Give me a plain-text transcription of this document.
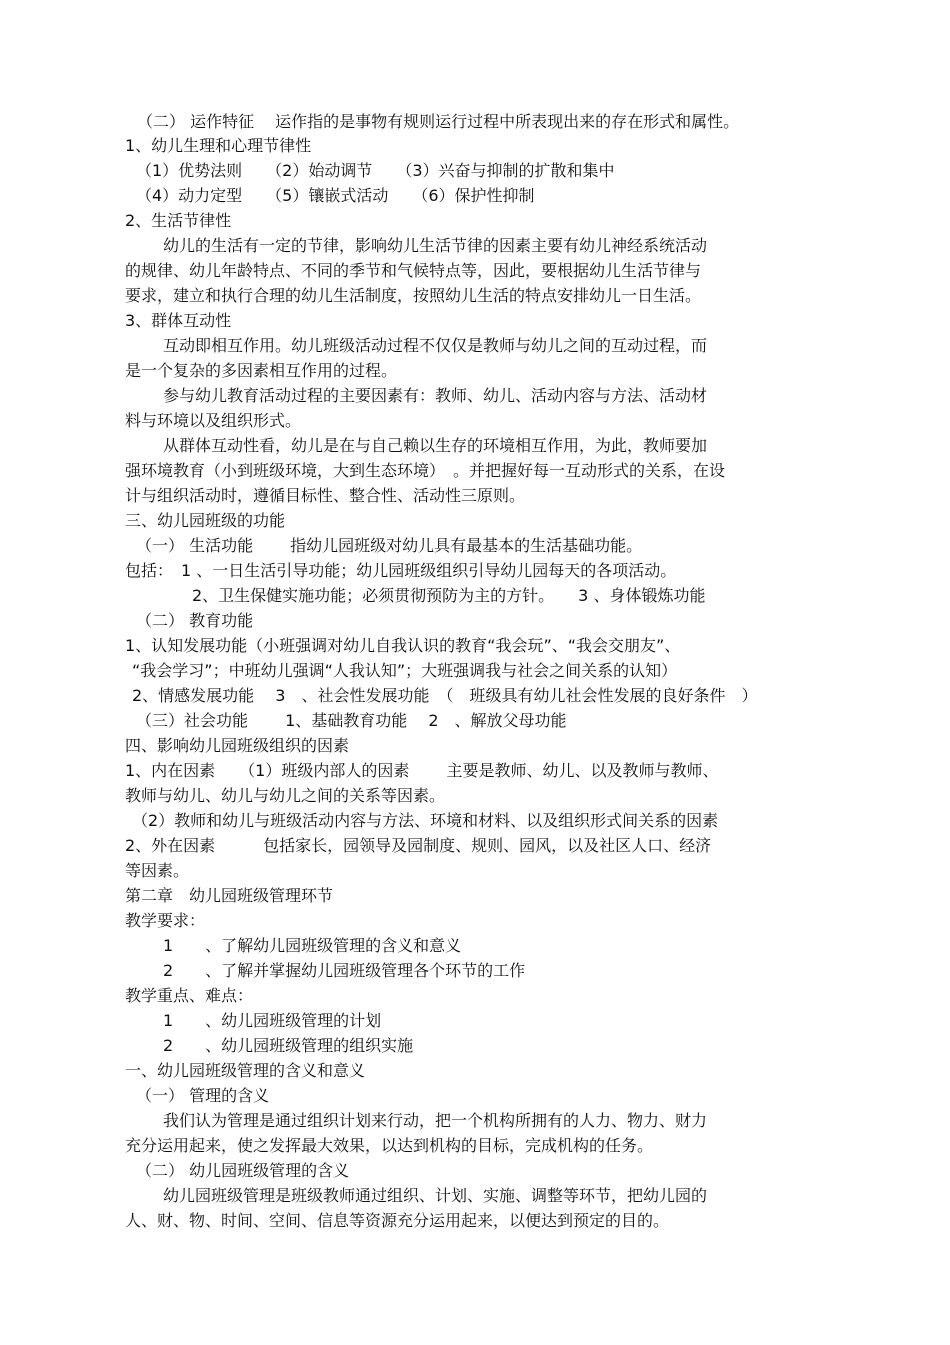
（二） 运作特征　 运作指的是事物有规则运行过程中所表现出来的存在形式和属性。
1、幼儿生理和心理节律性
（1）优势法则　　（2）始动调节　　（3）兴奋与抑制的扩散和集中
（4）动力定型　　（5）镶嵌式活动　　（6）保护性抑制
2、生活节律性
幼儿的生活有一定的节律，影响幼儿生活节律的因素主要有幼儿神经系统活动
的规律、幼儿年龄特点、不同的季节和气候特点等，因此，要根据幼儿生活节律与
要求，建立和执行合理的幼儿生活制度，按照幼儿生活的特点安排幼儿一日生活。
3、群体互动性
互动即相互作用。幼儿班级活动过程不仅仅是教师与幼儿之间的互动过程，而
是一个复杂的多因素相互作用的过程。
参与幼儿教育活动过程的主要因素有：教师、幼儿、活动内容与方法、活动材
料与环境以及组织形式。
从群体互动性看，幼儿是在与自己赖以生存的环境相互作用，为此，教师要加
强环境教育（小到班级环境，大到生态环境）　。并把握好每一互动形式的关系，在设
计与组织活动时，遵循目标性、整合性、活动性三原则。
三、幼儿园班级的功能
（一） 生活功能　　 指幼儿园班级对幼儿具有最基本的生活基础功能。
包括：　1 、一日生活引导功能；幼儿园班级组织引导幼儿园每天的各项活动。
2、卫生保健实施功能；必须贯彻预防为主的方针。　　3 、身体锻炼功能
（二） 教育功能
1、认知发展功能（小班强调对幼儿自我认识的教育“我会玩”、“我会交朋友”、
“我会学习”；中班幼儿强调“人我认知”；大班强调我与社会之间关系的认知）
2、情感发展功能　 3　、社会性发展功能　（　班级具有幼儿社会性发展的良好条件　）
（三）社会功能　　 1、基础教育功能　 2　、解放父母功能
四、影响幼儿园班级组织的因素
1、内在因素　　（1）班级内部人的因素　　 主要是教师、幼儿、以及教师与教师、
教师与幼儿、幼儿与幼儿之间的关系等因素。
（2）教师和幼儿与班级活动内容与方法、环境和材料、以及组织形式间关系的因素
2、外在因素　　　包括家长，园领导及园制度、规则、园风，以及社区人口、经济
等因素。
第二章　幼儿园班级管理环节
教学要求：
1　　、了解幼儿园班级管理的含义和意义
2　　、了解并掌握幼儿园班级管理各个环节的工作
教学重点、难点：
1　　、幼儿园班级管理的计划
2　　、幼儿园班级管理的组织实施
一、幼儿园班级管理的含义和意义
（一） 管理的含义
我们认为管理是通过组织计划来行动，把一个机构所拥有的人力、物力、财力
充分运用起来，使之发挥最大效果，以达到机构的目标，完成机构的任务。
（二） 幼儿园班级管理的含义
幼儿园班级管理是班级教师通过组织、计划、实施、调整等环节，把幼儿园的
人、财、物、时间、空间、信息等资源充分运用起来，以便达到预定的目的。
